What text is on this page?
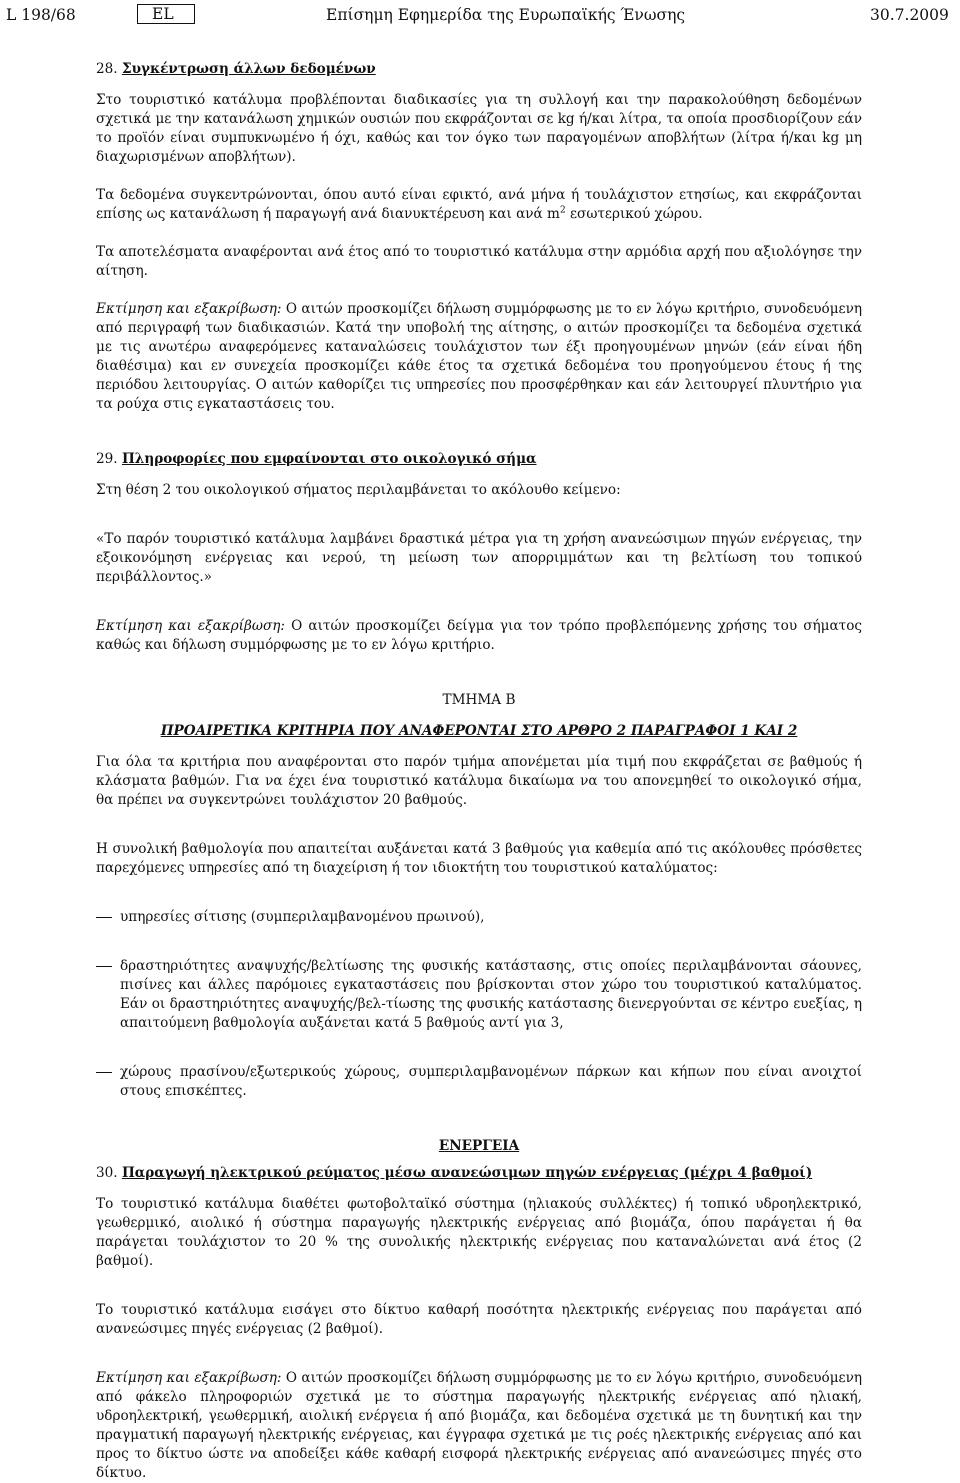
L 198/68	EL	Επίσημη Εφημερίδα της Ευρωπαϊκής Ένωσης	30.7.2009

28. Συγκέντρωση άλλων δεδομένων

Στο τουριστικό κατάλυμα προβλέπονται διαδικασίες για τη συλλογή και την παρακολούθηση δεδομένων σχετικά με την κατανάλωση χημικών ουσιών που εκφράζονται σε kg ή/και λίτρα, τα οποία προσδιορίζουν εάν το προϊόν είναι συμπυκνωμένο ή όχι, καθώς και τον όγκο των παραγομένων αποβλήτων (λίτρα ή/και kg μη διαχωρισμένων αποβλήτων).

Τα δεδομένα συγκεντρώνονται, όπου αυτό είναι εφικτό, ανά μήνα ή τουλάχιστον ετησίως, και εκφράζονται επίσης ως κατανάλωση ή παραγωγή ανά διανυκτέρευση και ανά $m^2$ εσωτερικού χώρου.

Τα αποτελέσματα αναφέρονται ανά έτος από το τουριστικό κατάλυμα στην αρμόδια αρχή που αξιολόγησε την αίτηση.

Εκτίμηση και εξακρίβωση: Ο αιτών προσκομίζει δήλωση συμμόρφωσης με το εν λόγω κριτήριο, συνοδευόμενη από περιγραφή των διαδικασιών. Κατά την υποβολή της αίτησης, ο αιτών προσκομίζει τα δεδομένα σχετικά με τις ανωτέρω αναφερόμενες καταναλώσεις τουλάχιστον των έξι προηγουμένων μηνών (εάν είναι ήδη διαθέσιμα) και εν συνεχεία προσκομίζει κάθε έτος τα σχετικά δεδομένα του προηγούμενου έτους ή της περιόδου λειτουργίας. Ο αιτών καθορίζει τις υπηρεσίες που προσφέρθηκαν και εάν λειτουργεί πλυντήριο για τα ρούχα στις εγκαταστάσεις του.

29. Πληροφορίες που εμφαίνονται στο οικολογικό σήμα

Στη θέση 2 του οικολογικού σήματος περιλαμβάνεται το ακόλουθο κείμενο:

«Το παρόν τουριστικό κατάλυμα λαμβάνει δραστικά μέτρα για τη χρήση ανανεώσιμων πηγών ενέργειας, την εξοικονόμηση ενέργειας και νερού, τη μείωση των απορριμμάτων και τη βελτίωση του τοπικού περιβάλλοντος.»

Εκτίμηση και εξακρίβωση: Ο αιτών προσκομίζει δείγμα για τον τρόπο προβλεπόμενης χρήσης του σήματος καθώς και δήλωση συμμόρφωσης με το εν λόγω κριτήριο.

ΤΜΗΜΑ Β

ΠΡΟΑΙΡΕΤΙΚΑ ΚΡΙΤΗΡΙΑ ΠΟΥ ΑΝΑΦΕΡΟΝΤΑΙ ΣΤΟ ΑΡΘΡΟ 2 ΠΑΡΑΓΡΑΦΟΙ 1 ΚΑΙ 2

Για όλα τα κριτήρια που αναφέρονται στο παρόν τμήμα απονέμεται μία τιμή που εκφράζεται σε βαθμούς ή κλάσματα βαθμών. Για να έχει ένα τουριστικό κατάλυμα δικαίωμα να του απονεμηθεί το οικολογικό σήμα, θα πρέπει να συγκεντρώνει τουλάχιστον 20 βαθμούς.

Η συνολική βαθμολογία που απαιτείται αυξάνεται κατά 3 βαθμούς για καθεμία από τις ακόλουθες πρόσθετες παρεχόμενες υπηρεσίες από τη διαχείριση ή τον ιδιοκτήτη του τουριστικού καταλύματος:

υπηρεσίες σίτισης (συμπεριλαμβανομένου πρωινού),

δραστηριότητες αναψυχής/βελτίωσης της φυσικής κατάστασης, στις οποίες περιλαμβάνονται σάουνες, πισίνες και άλλες παρόμοιες εγκαταστάσεις που βρίσκονται στον χώρο του τουριστικού καταλύματος. Εάν οι δραστηριότητες αναψυχής/βελ-τίωσης της φυσικής κατάστασης διενεργούνται σε κέντρο ευεξίας, η απαιτούμενη βαθμολογία αυξάνεται κατά 5 βαθμούς αντί για 3,

χώρους πρασίνου/εξωτερικούς χώρους, συμπεριλαμβανομένων πάρκων και κήπων που είναι ανοιχτοί στους επισκέπτες.

ΕΝΕΡΓΕΙΑ

30. Παραγωγή ηλεκτρικού ρεύματος μέσω ανανεώσιμων πηγών ενέργειας (μέχρι 4 βαθμοί)

Το τουριστικό κατάλυμα διαθέτει φωτοβολταϊκό σύστημα (ηλιακούς συλλέκτες) ή τοπικό υδροηλεκτρικό, γεωθερμικό, αιολικό ή σύστημα παραγωγής ηλεκτρικής ενέργειας από βιομάζα, όπου παράγεται ή θα παράγεται τουλάχιστον το 20 % της συνολικής ηλεκτρικής ενέργειας που καταναλώνεται ανά έτος (2 βαθμοί).

Το τουριστικό κατάλυμα εισάγει στο δίκτυο καθαρή ποσότητα ηλεκτρικής ενέργειας που παράγεται από ανανεώσιμες πηγές ενέργειας (2 βαθμοί).

Εκτίμηση και εξακρίβωση: Ο αιτών προσκομίζει δήλωση συμμόρφωσης με το εν λόγω κριτήριο, συνοδευόμενη από φάκελο πληροφοριών σχετικά με το σύστημα παραγωγής ηλεκτρικής ενέργειας από ηλιακή, υδροηλεκτρική, γεωθερμική, αιολική ενέργεια ή από βιομάζα, και δεδομένα σχετικά με τη δυνητική και την πραγματική παραγωγή ηλεκτρικής ενέργειας, και έγγραφα σχετικά με τις ροές ηλεκτρικής ενέργειας από και προς το δίκτυο ώστε να αποδείξει κάθε καθαρή εισφορά ηλεκτρικής ενέργειας από ανανεώσιμες πηγές στο δίκτυο.
